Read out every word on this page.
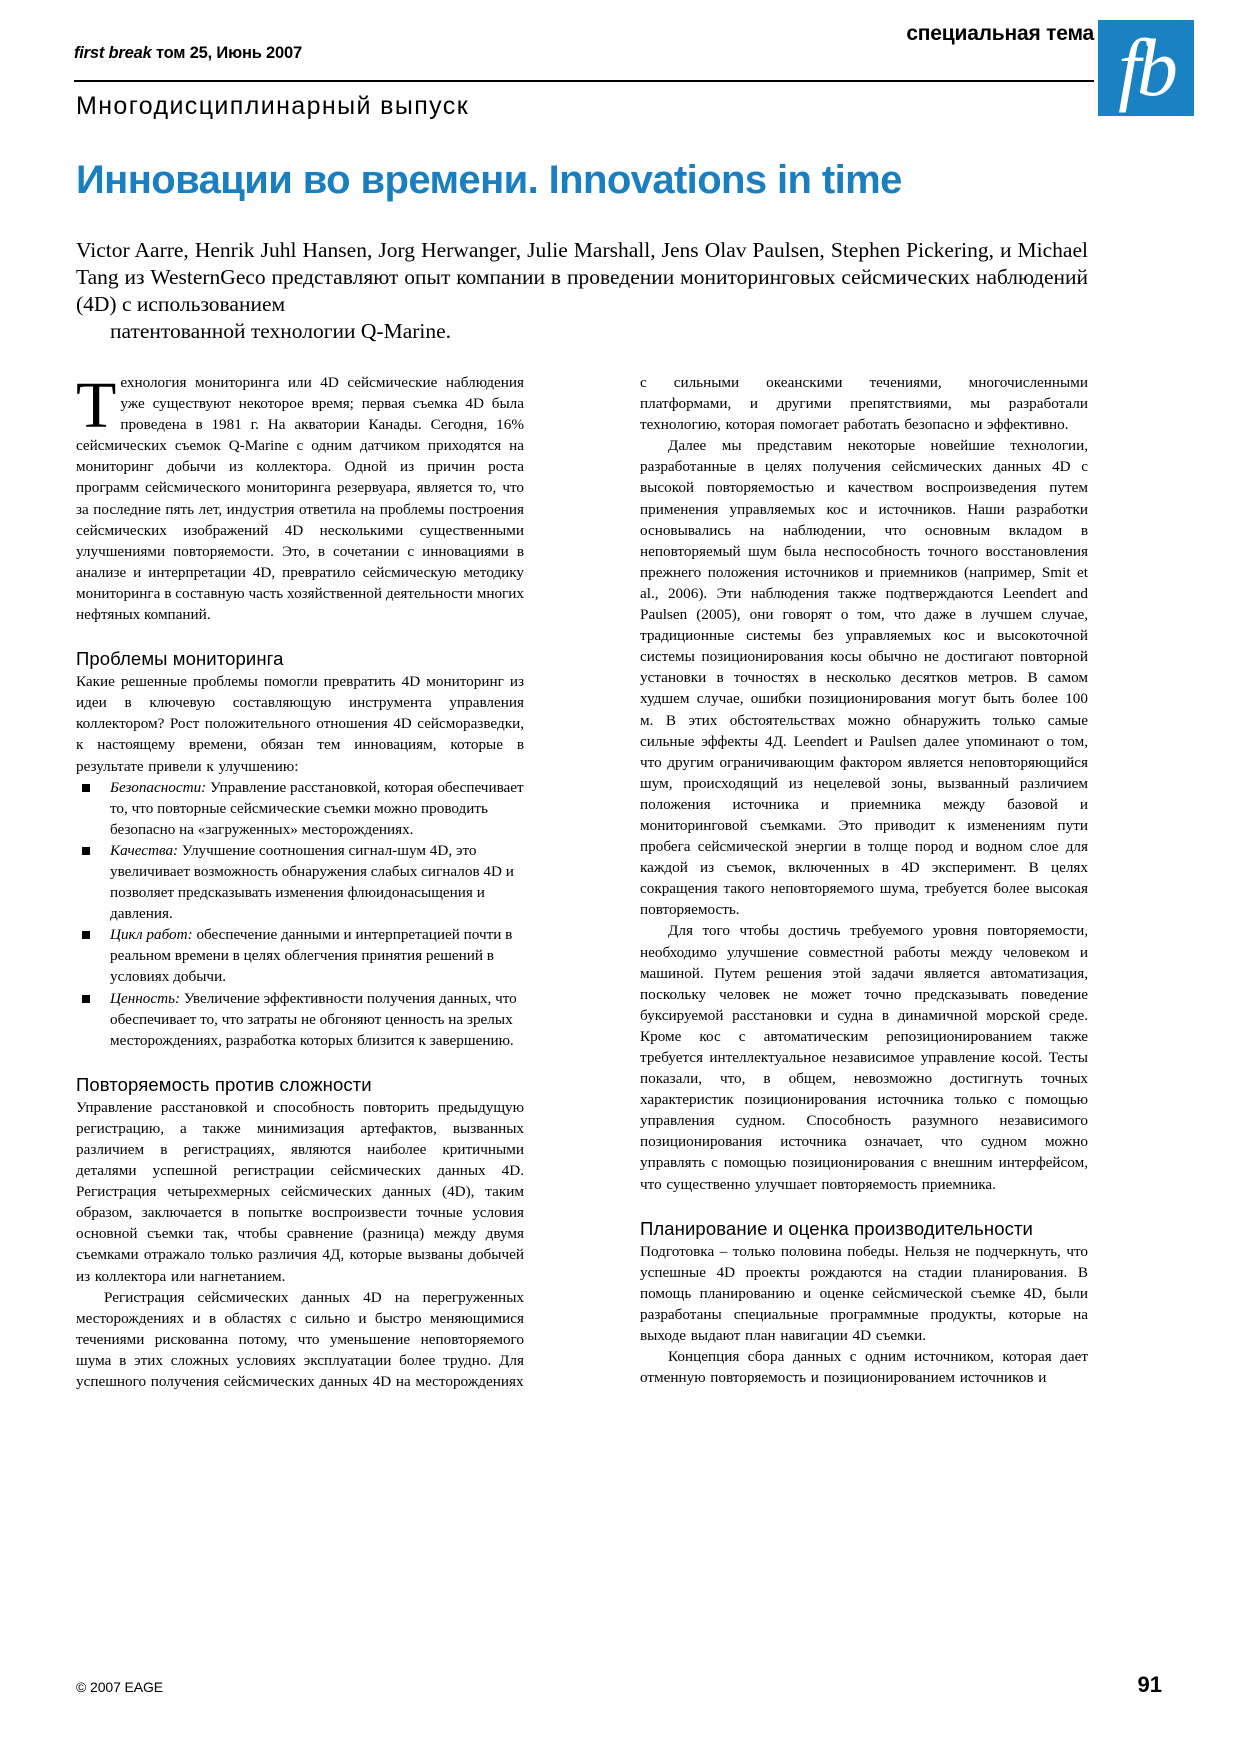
first break том 25, Июнь 2007
специальная тема fb
Многодисциплинарный выпуск
Инновации во времени. Innovations in time
Victor Aarre, Henrik Juhl Hansen, Jorg Herwanger, Julie Marshall, Jens Olav Paulsen, Stephen Pickering, и Michael Tang из WesternGeco представляют опыт компании в проведении мониторинговых сейсмических наблюдений (4D) с использованием
патентованной технологии Q-Marine.

Технология мониторинга или 4D сейсмические наблюдения уже существуют некоторое время; первая съемка 4D была проведена в 1981 г. На акватории Канады. Сегодня, 16% сейсмических съемок Q-Marine с одним датчиком приходятся на мониторинг добычи из коллектора. Одной из причин роста программ сейсмического мониторинга резервуара, является то, что за последние пять лет, индустрия ответила на проблемы построения сейсмических изображений 4D несколькими существенными улучшениями повторяемости. Это, в сочетании с инновациями в анализе и интерпретации 4D, превратило сейсмическую методику мониторинга в составную часть хозяйственной деятельности многих нефтяных компаний.

Проблемы мониторинга

Какие решенные проблемы помогли превратить 4D мониторинг из идеи в ключевую составляющую инструмента управления коллектором? Рост положительного отношения 4D сейсморазведки, к настоящему времени, обязан тем инновациям, которые в результате привели к улучшению:

Безопасности: Управление расстановкой, которая обеспечивает то, что повторные сейсмические съемки можно проводить безопасно на «загруженных» месторождениях.
Качества: Улучшение соотношения сигнал-шум 4D, это увеличивает возможность обнаружения слабых сигналов 4D и позволяет предсказывать изменения флюидонасыщения и давления.
Цикл работ: обеспечение данными и интерпретацией почти в реальном времени в целях облегчения принятия решений в условиях добычи.
Ценность: Увеличение эффективности получения данных, что обеспечивает то, что затраты не обгоняют ценность на зрелых месторождениях, разработка которых близится к завершению.
Повторяемость против сложности

Управление расстановкой и способность повторить предыдущую регистрацию, а также минимизация артефактов, вызванных различием в регистрациях, являются наиболее критичными деталями успешной регистрации сейсмических данных 4D. Регистрация четырехмерных сейсмических данных (4D), таким образом, заключается в попытке воспроизвести точные условия основной съемки так, чтобы сравнение (разница) между двумя съемками отражало только различия 4Д, которые вызваны добычей из коллектора или нагнетанием.

Регистрация сейсмических данных 4D на перегруженных месторождениях и в областях с сильно и быстро меняющимися течениями рискованна потому, что уменьшение неповторяемого шума в этих сложных условиях эксплуатации более трудно. Для успешного получения сейсмических данных 4D на месторождениях

с сильными океанскими течениями, многочисленными платформами, и другими препятствиями, мы разработали технологию, которая помогает работать безопасно и эффективно.

Далее мы представим некоторые новейшие технологии, разработанные в целях получения сейсмических данных 4D с высокой повторяемостью и качеством воспроизведения путем применения управляемых кос и источников. Наши разработки основывались на наблюдении, что основным вкладом в неповторяемый шум была неспособность точного восстановления прежнего положения источников и приемников (например, Smit et al., 2006). Эти наблюдения также подтверждаются Leendert and Paulsen (2005), они говорят о том, что даже в лучшем случае, традиционные системы без управляемых кос и высокоточной системы позиционирования косы обычно не достигают повторной установки в точностях в несколько десятков метров. В самом худшем случае, ошибки позиционирования могут быть более 100 м. В этих обстоятельствах можно обнаружить только самые сильные эффекты 4Д. Leendert и Paulsen далее упоминают о том, что другим ограничивающим фактором является неповторяющийся шум, происходящий из нецелевой зоны, вызванный различием положения источника и приемника между базовой и мониторинговой съемками. Это приводит к изменениям пути пробега сейсмической энергии в толще пород и водном слое для каждой из съемок, включенных в 4D эксперимент. В целях сокращения такого неповторяемого шума, требуется более высокая повторяемость.

Для того чтобы достичь требуемого уровня повторяемости, необходимо улучшение совместной работы между человеком и машиной. Путем решения этой задачи является автоматизация, поскольку человек не может точно предсказывать поведение буксируемой расстановки и судна в динамичной морской среде. Кроме кос с автоматическим репозиционированием также требуется интеллектуальное независимое управление косой. Тесты показали, что, в общем, невозможно достигнуть точных характеристик позиционирования источника только с помощью управления судном. Способность разумного независимого позиционирования источника означает, что судном можно управлять с помощью позиционирования с внешним интерфейсом, что существенно улучшает повторяемость приемника.

Планирование и оценка производительности

Подготовка – только половина победы. Нельзя не подчеркнуть, что успешные 4D проекты рождаются на стадии планирования. В помощь планированию и оценке сейсмической съемке 4D, были разработаны специальные программные продукты, которые на выходе выдают план навигации 4D съемки.

Концепция сбора данных с одним источником, которая дает отменную повторяемость и позиционированием источников и

© 2007 EAGE	91
